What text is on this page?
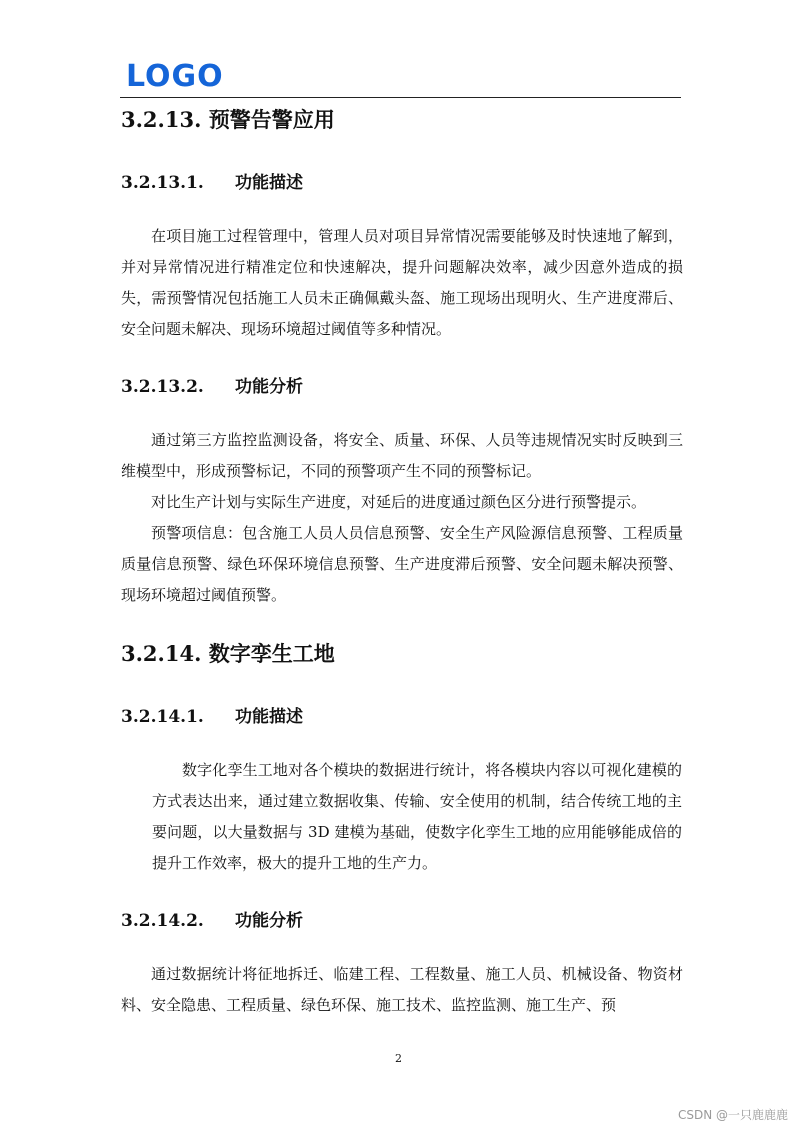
LOGO
3.2.13. 预警告警应用
3.2.13.1. 功能描述

在项目施工过程管理中，管理人员对项目异常情况需要能够及时快速地了解到，并对异常情况进行精准定位和快速解决，提升问题解决效率，减少因意外造成的损失，需预警情况包括施工人员未正确佩戴头盔、施工现场出现明火、生产进度滞后、安全问题未解决、现场环境超过阈值等多种情况。

3.2.13.2. 功能分析

通过第三方监控监测设备，将安全、质量、环保、人员等违规情况实时反映到三维模型中，形成预警标记，不同的预警项产生不同的预警标记。

对比生产计划与实际生产进度，对延后的进度通过颜色区分进行预警提示。

预警项信息：包含施工人员人员信息预警、安全生产风险源信息预警、工程质量质量信息预警、绿色环保环境信息预警、生产进度滞后预警、安全问题未解决预警、现场环境超过阈值预警。

3.2.14. 数字孪生工地
3.2.14.1. 功能描述

数字化孪生工地对各个模块的数据进行统计，将各模块内容以可视化建模的方式表达出来，通过建立数据收集、传输、安全使用的机制，结合传统工地的主要问题，以大量数据与 3D 建模为基础，使数字化孪生工地的应用能够能成倍的提升工作效率，极大的提升工地的生产力。

3.2.14.2. 功能分析

通过数据统计将征地拆迁、临建工程、工程数量、施工人员、机械设备、物资材料、安全隐患、工程质量、绿色环保、施工技术、监控监测、施工生产、预

2
CSDN @一只鹿鹿鹿
